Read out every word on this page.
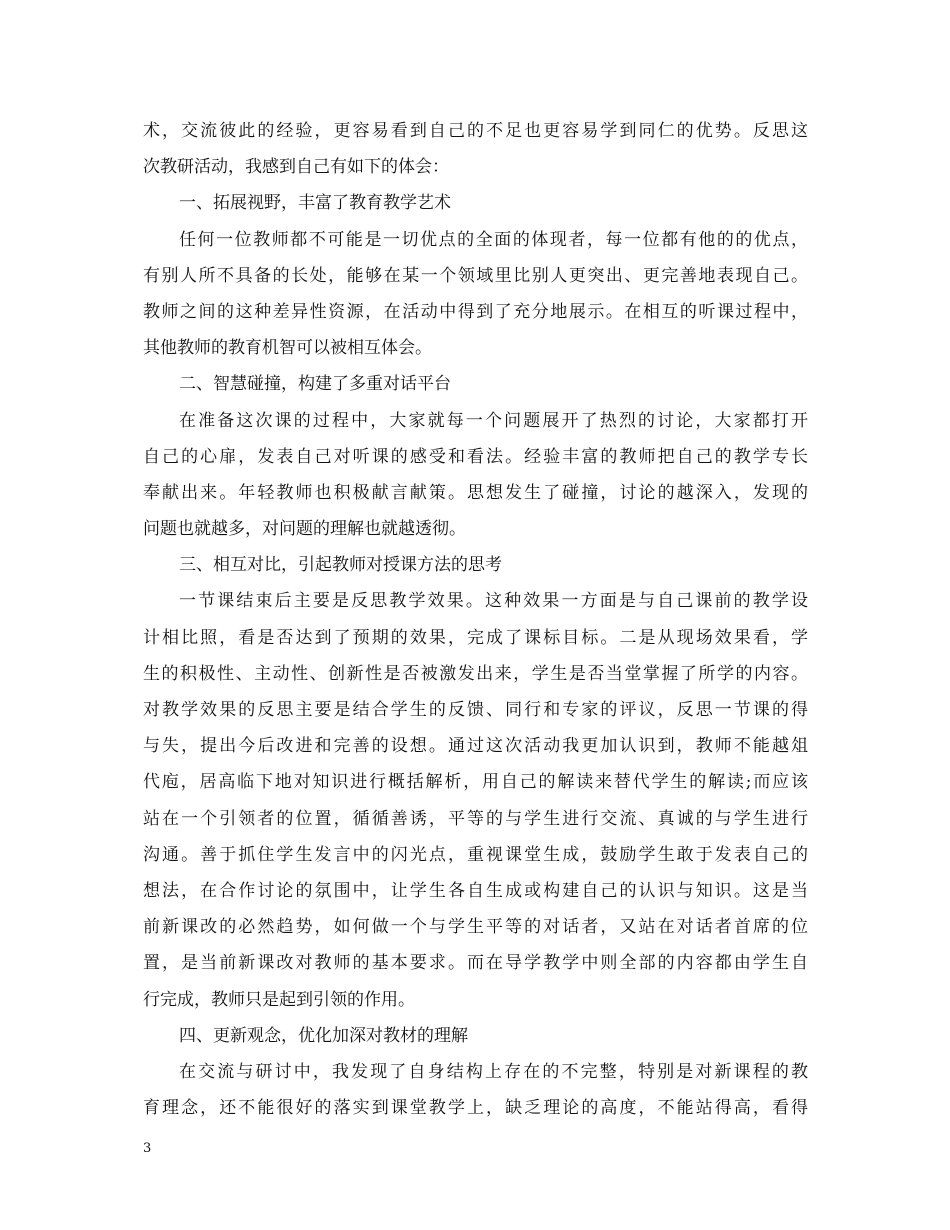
术，交流彼此的经验，更容易看到自己的不足也更容易学到同仁的优势。反思这
次教研活动，我感到自己有如下的体会：
一、拓展视野，丰富了教育教学艺术
任何一位教师都不可能是一切优点的全面的体现者，每一位都有他的的优点，
有别人所不具备的长处，能够在某一个领域里比别人更突出、更完善地表现自己。
教师之间的这种差异性资源，在活动中得到了充分地展示。在相互的听课过程中，
其他教师的教育机智可以被相互体会。
二、智慧碰撞，构建了多重对话平台
在准备这次课的过程中，大家就每一个问题展开了热烈的讨论，大家都打开
自己的心扉，发表自己对听课的感受和看法。经验丰富的教师把自己的教学专长
奉献出来。年轻教师也积极献言献策。思想发生了碰撞，讨论的越深入，发现的
问题也就越多，对问题的理解也就越透彻。
三、相互对比，引起教师对授课方法的思考
一节课结束后主要是反思教学效果。这种效果一方面是与自己课前的教学设
计相比照，看是否达到了预期的效果，完成了课标目标。二是从现场效果看，学
生的积极性、主动性、创新性是否被激发出来，学生是否当堂掌握了所学的内容。
对教学效果的反思主要是结合学生的反馈、同行和专家的评议，反思一节课的得
与失，提出今后改进和完善的设想。通过这次活动我更加认识到，教师不能越俎
代庖，居高临下地对知识进行概括解析，用自己的解读来替代学生的解读;而应该
站在一个引领者的位置，循循善诱，平等的与学生进行交流、真诚的与学生进行
沟通。善于抓住学生发言中的闪光点，重视课堂生成，鼓励学生敢于发表自己的
想法，在合作讨论的氛围中，让学生各自生成或构建自己的认识与知识。这是当
前新课改的必然趋势，如何做一个与学生平等的对话者，又站在对话者首席的位
置，是当前新课改对教师的基本要求。而在导学教学中则全部的内容都由学生自
行完成，教师只是起到引领的作用。
四、更新观念，优化加深对教材的理解
在交流与研讨中，我发现了自身结构上存在的不完整，特别是对新课程的教
育理念，还不能很好的落实到课堂教学上，缺乏理论的高度，不能站得高，看得
3
